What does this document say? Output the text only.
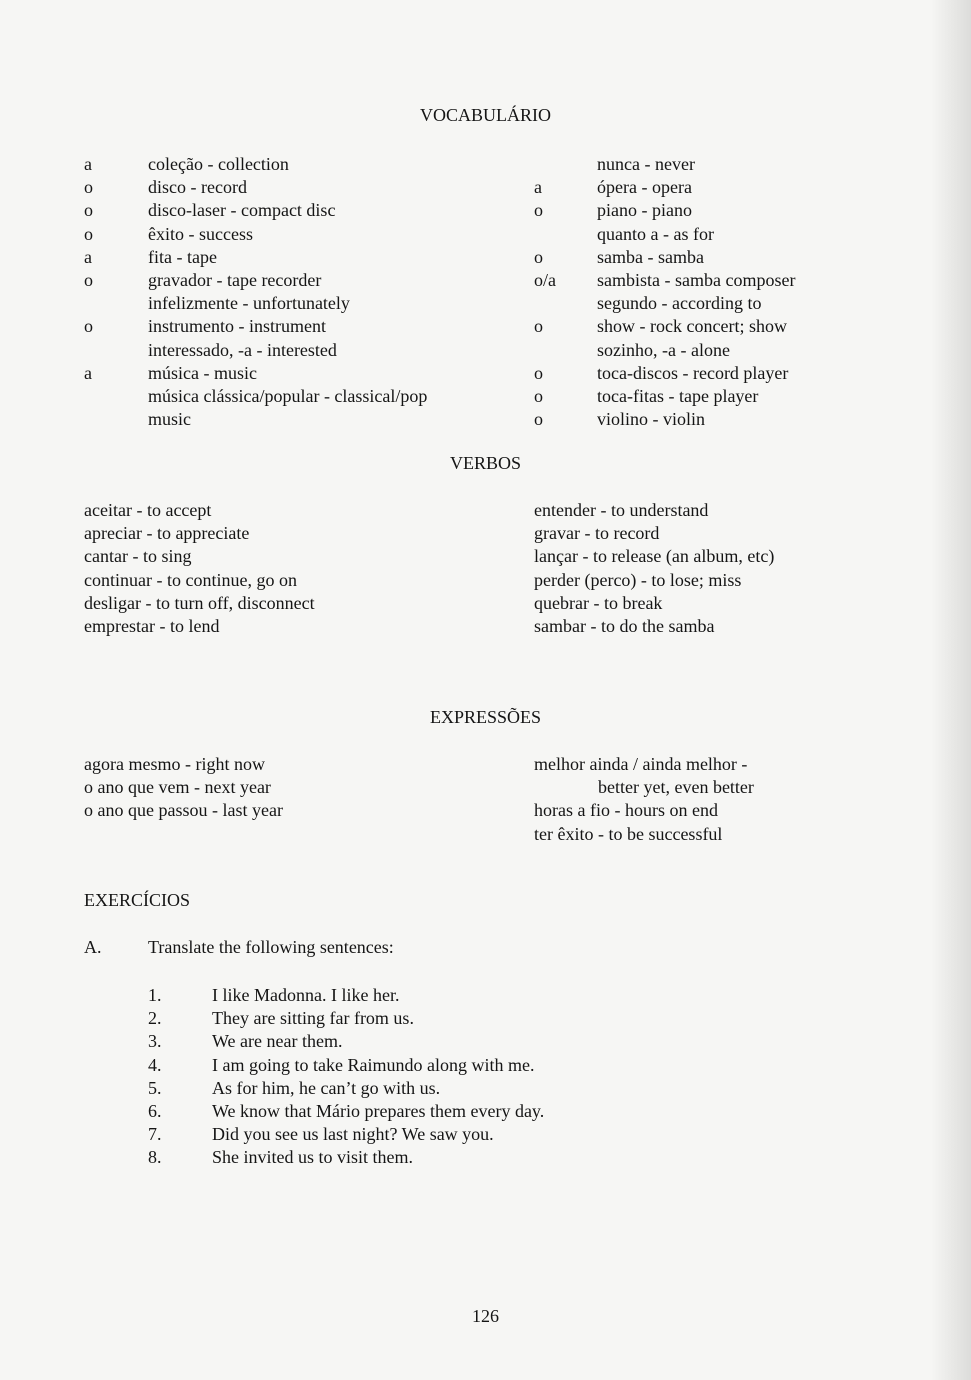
VOCABULÁRIO
a	coleção - collection
o	disco - record
o	disco-laser - compact disc
o	êxito - success
a	fita - tape
o	gravador - tape recorder
infelizmente - unfortunately
o	instrumento - instrument
interessado, -a - interested
a	música - music
música clássica/popular - classical/pop
music
nunca - never
a	ópera - opera
o	piano - piano
quanto a - as for
o	samba - samba
o/a sambista - samba composer
segundo - according to
o	show - rock concert; show
sozinho, -a - alone
o	toca-discos - record player
o	toca-fitas - tape player
o	violino - violin
VERBOS
aceitar - to accept
apreciar - to appreciate
cantar - to sing
continuar - to continue, go on
desligar - to turn off, disconnect
emprestar - to lend
entender - to understand
gravar - to record
lançar - to release (an album, etc)
perder (perco) - to lose; miss
quebrar - to break
sambar - to do the samba
EXPRESSÕES
agora mesmo - right now
o ano que vem - next year
o ano que passou - last year
melhor ainda / ainda melhor -
better yet, even better
horas a fio - hours on end
ter êxito - to be successful
EXERCÍCIOS
A.	Translate the following sentences:
1.	I like Madonna. I like her.
2.	They are sitting far from us.
3.	We are near them.
4.	I am going to take Raimundo along with me.
5.	As for him, he can’t go with us.
6.	We know that Mário prepares them every day.
7.	Did you see us last night? We saw you.
8.	She invited us to visit them.
126
